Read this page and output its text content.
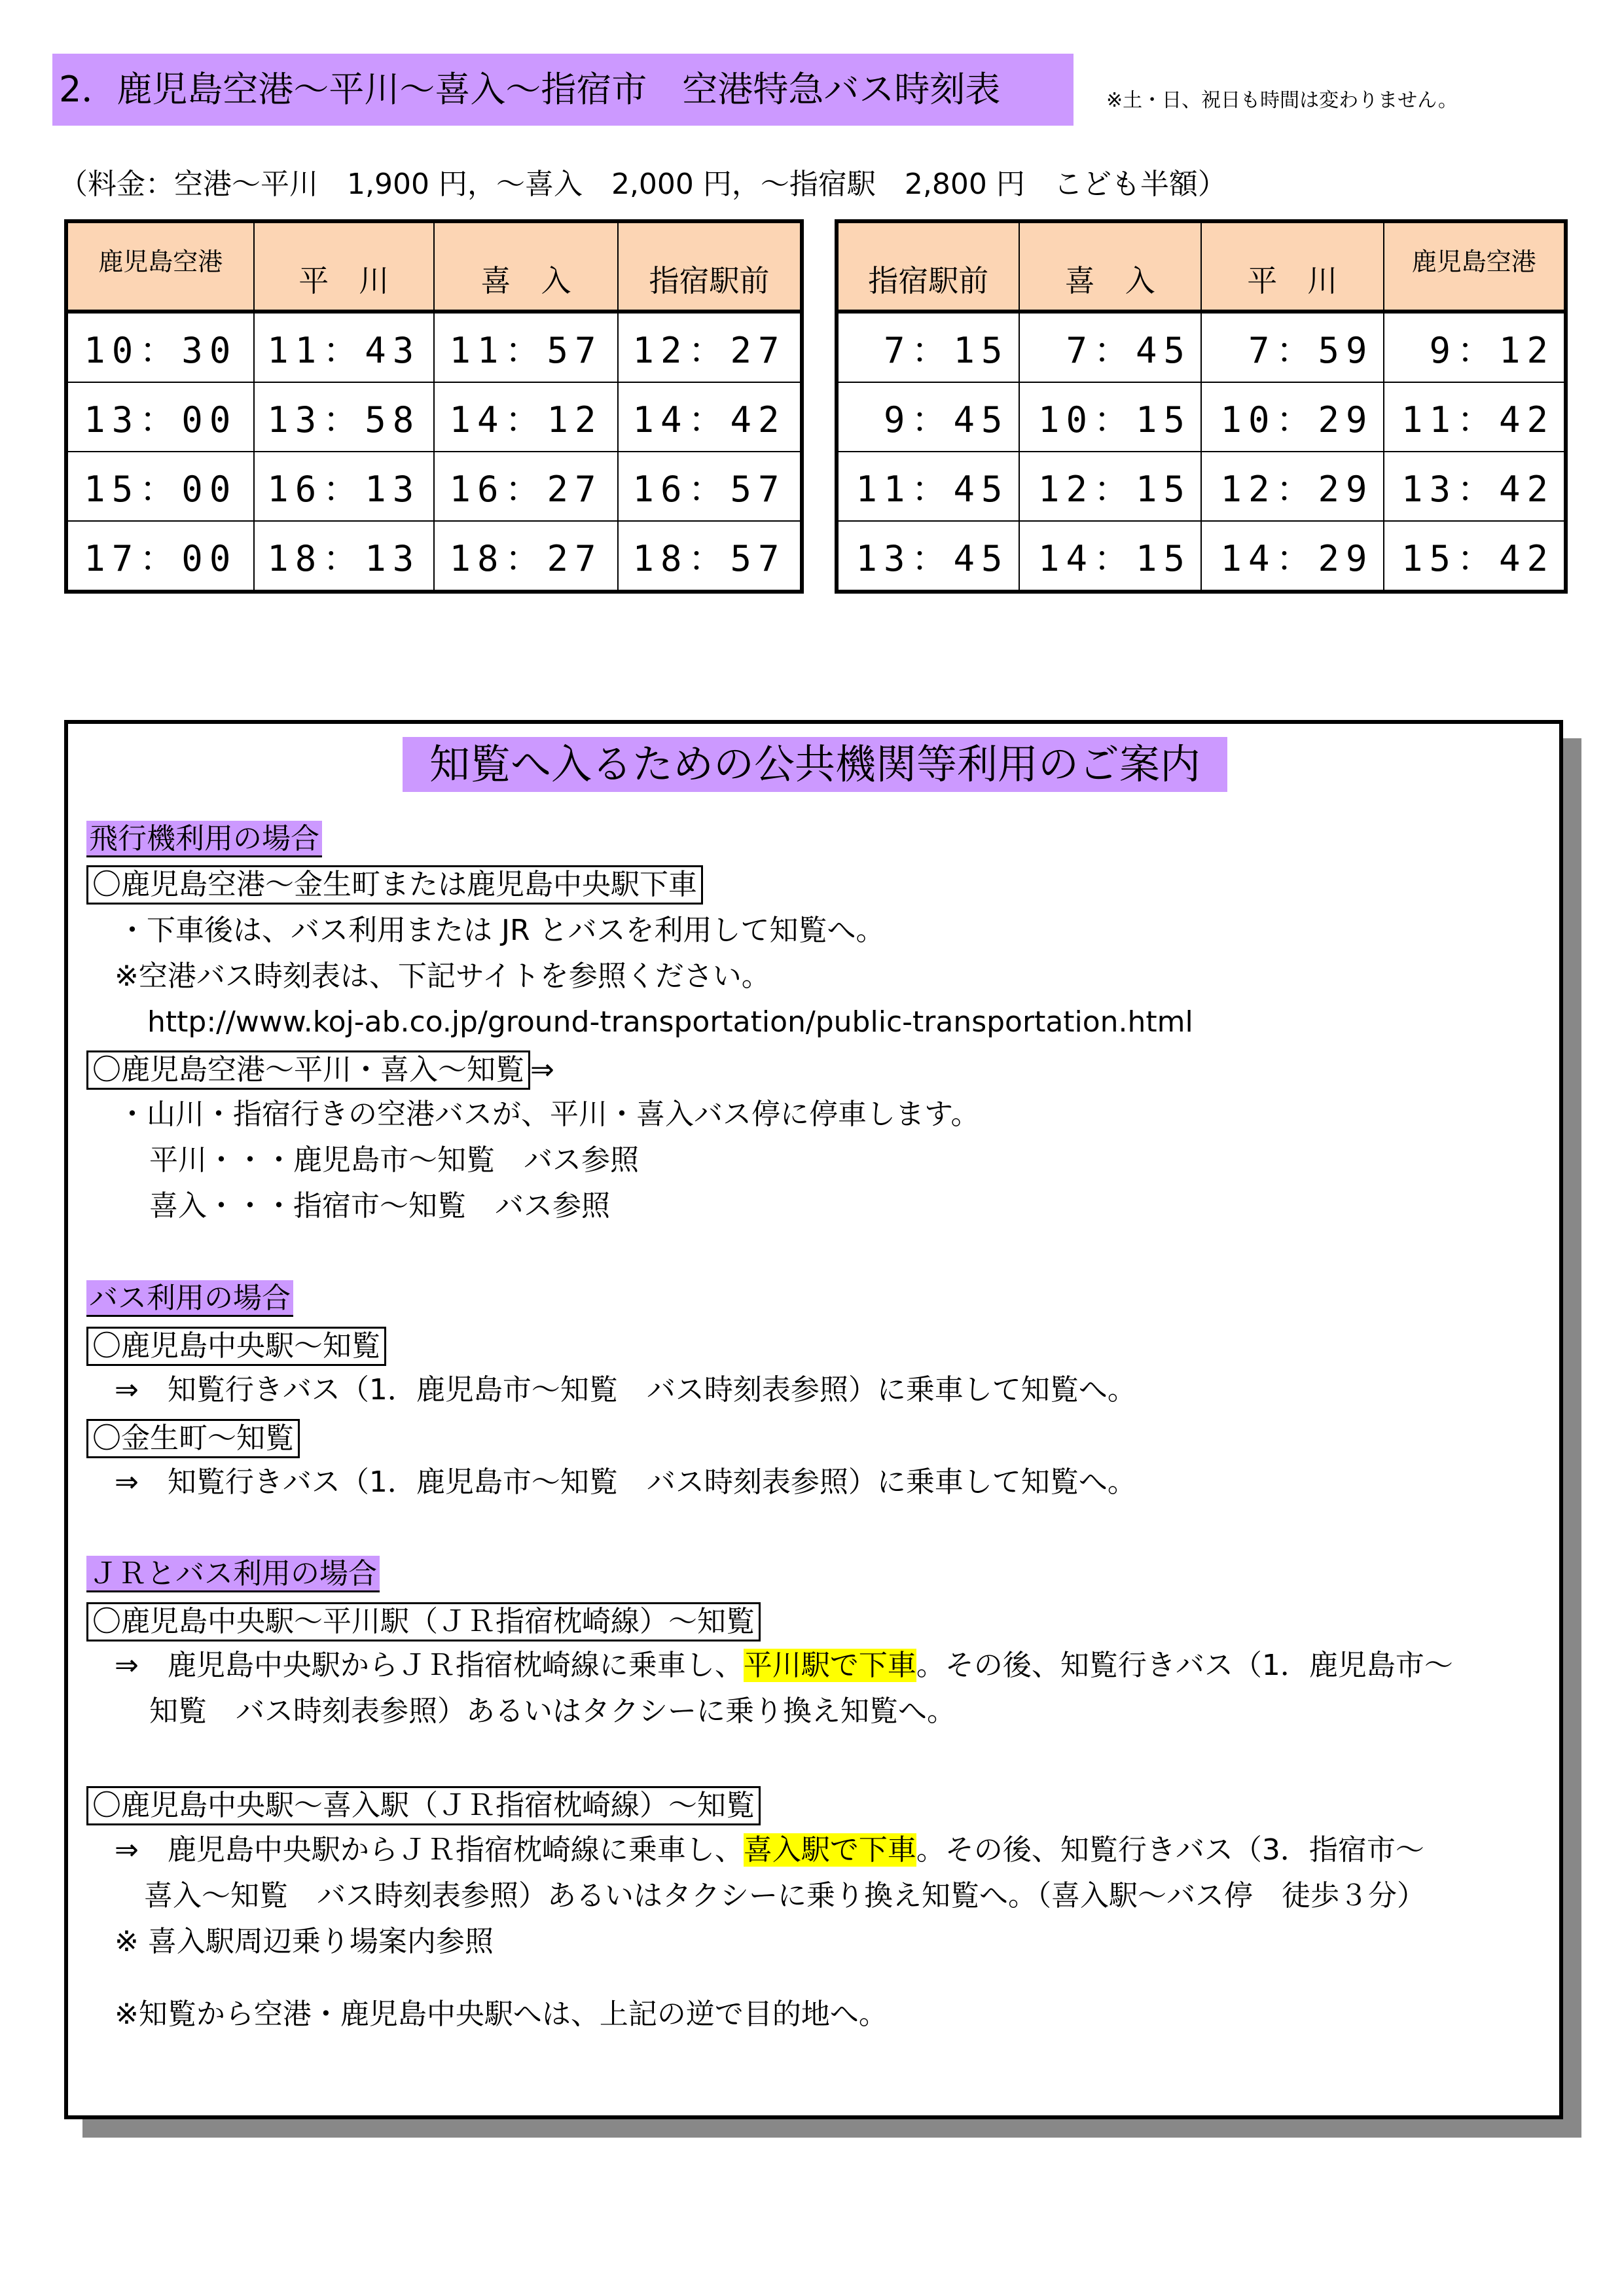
2．鹿児島空港～平川～喜入～指宿市　空港特急バス時刻表	※土・日、祝日も時間は変わりません。
（料金：空港～平川　1,900 円，～喜入　2,000 円，～指宿駅　2,800 円　こども半額）
鹿児島空港	平　川	喜　入	指宿駅前
10：30	11：43	11：57	12：27
13：00	13：58	14：12	14：42
15：00	16：13	16：27	16：57
17：00	18：13	18：27	18：57
指宿駅前	喜　入	平　川	鹿児島空港
7：15	7：45	7：59	9：12
9：45	10：15	10：29	11：42
11：45	12：15	12：29	13：42
13：45	14：15	14：29	15：42
知覧へ入るための公共機関等利用のご案内
飛行機利用の場合
〇鹿児島空港～金生町または鹿児島中央駅下車
・下車後は、バス利用または JR とバスを利用して知覧へ。
※空港バス時刻表は、下記サイトを参照ください。
http://www.koj-ab.co.jp/ground-transportation/public-transportation.html
〇鹿児島空港～平川・喜入～知覧 ⇒
・山川・指宿行きの空港バスが、平川・喜入バス停に停車します。
平川・・・鹿児島市～知覧　バス参照
喜入・・・指宿市～知覧　バス参照
バス利用の場合
〇鹿児島中央駅～知覧
⇒　知覧行きバス（1．鹿児島市～知覧　バス時刻表参照）に乗車して知覧へ。
〇金生町～知覧
⇒　知覧行きバス（1．鹿児島市～知覧　バス時刻表参照）に乗車して知覧へ。
ＪＲとバス利用の場合
〇鹿児島中央駅～平川駅（ＪＲ指宿枕崎線）～知覧
⇒　鹿児島中央駅からＪＲ指宿枕崎線に乗車し、平川駅で下車。その後、知覧行きバス（1．鹿児島市～
知覧　バス時刻表参照）あるいはタクシーに乗り換え知覧へ。
〇鹿児島中央駅～喜入駅（ＪＲ指宿枕崎線）～知覧
⇒　鹿児島中央駅からＪＲ指宿枕崎線に乗車し、喜入駅で下車。その後、知覧行きバス（3．指宿市～
喜入～知覧　バス時刻表参照）あるいはタクシーに乗り換え知覧へ。（喜入駅～バス停　徒歩３分）
※ 喜入駅周辺乗り場案内参照
※知覧から空港・鹿児島中央駅へは、上記の逆で目的地へ。
